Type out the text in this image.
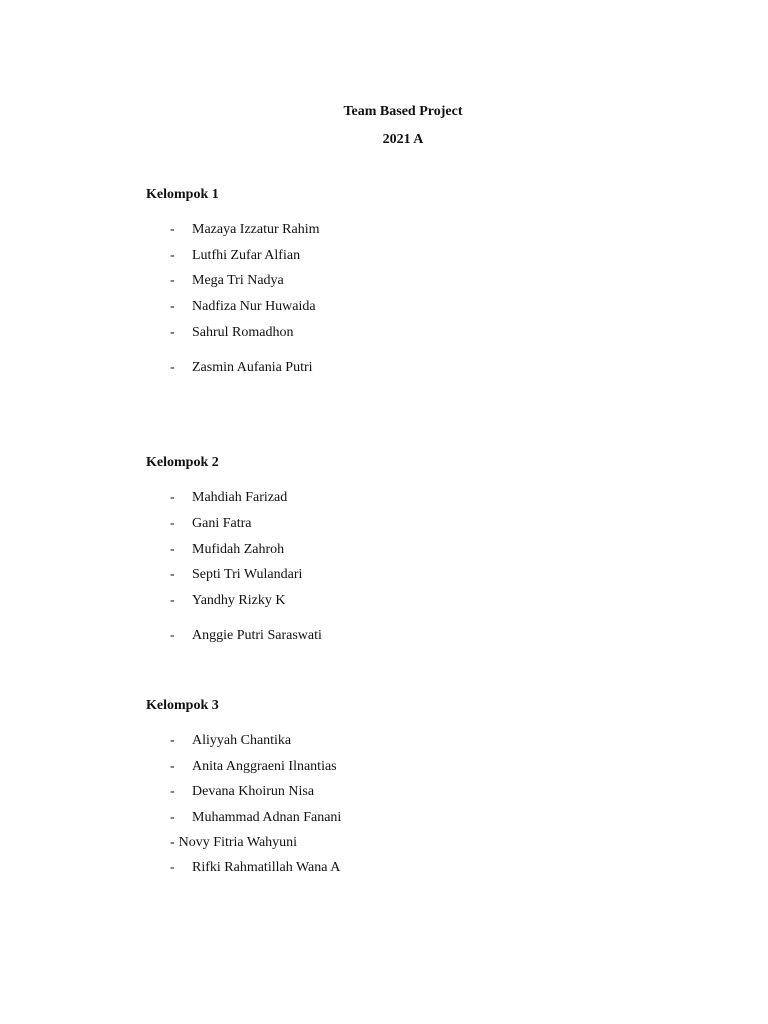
Team Based Project
2021 A
Kelompok 1
- Mazaya Izzatur Rahim
- Lutfhi Zufar Alfian
- Mega Tri Nadya
- Nadfiza Nur Huwaida
- Sahrul Romadhon
- Zasmin Aufania Putri
Kelompok 2
- Mahdiah Farizad
- Gani Fatra
- Mufidah Zahroh
- Septi Tri Wulandari
- Yandhy Rizky K
- Anggie Putri Saraswati
Kelompok 3
- Aliyyah Chantika
- Anita Anggraeni Ilnantias
- Devana Khoirun Nisa
- Muhammad Adnan Fanani
- Novy Fitria Wahyuni
- Rifki Rahmatillah Wana A
